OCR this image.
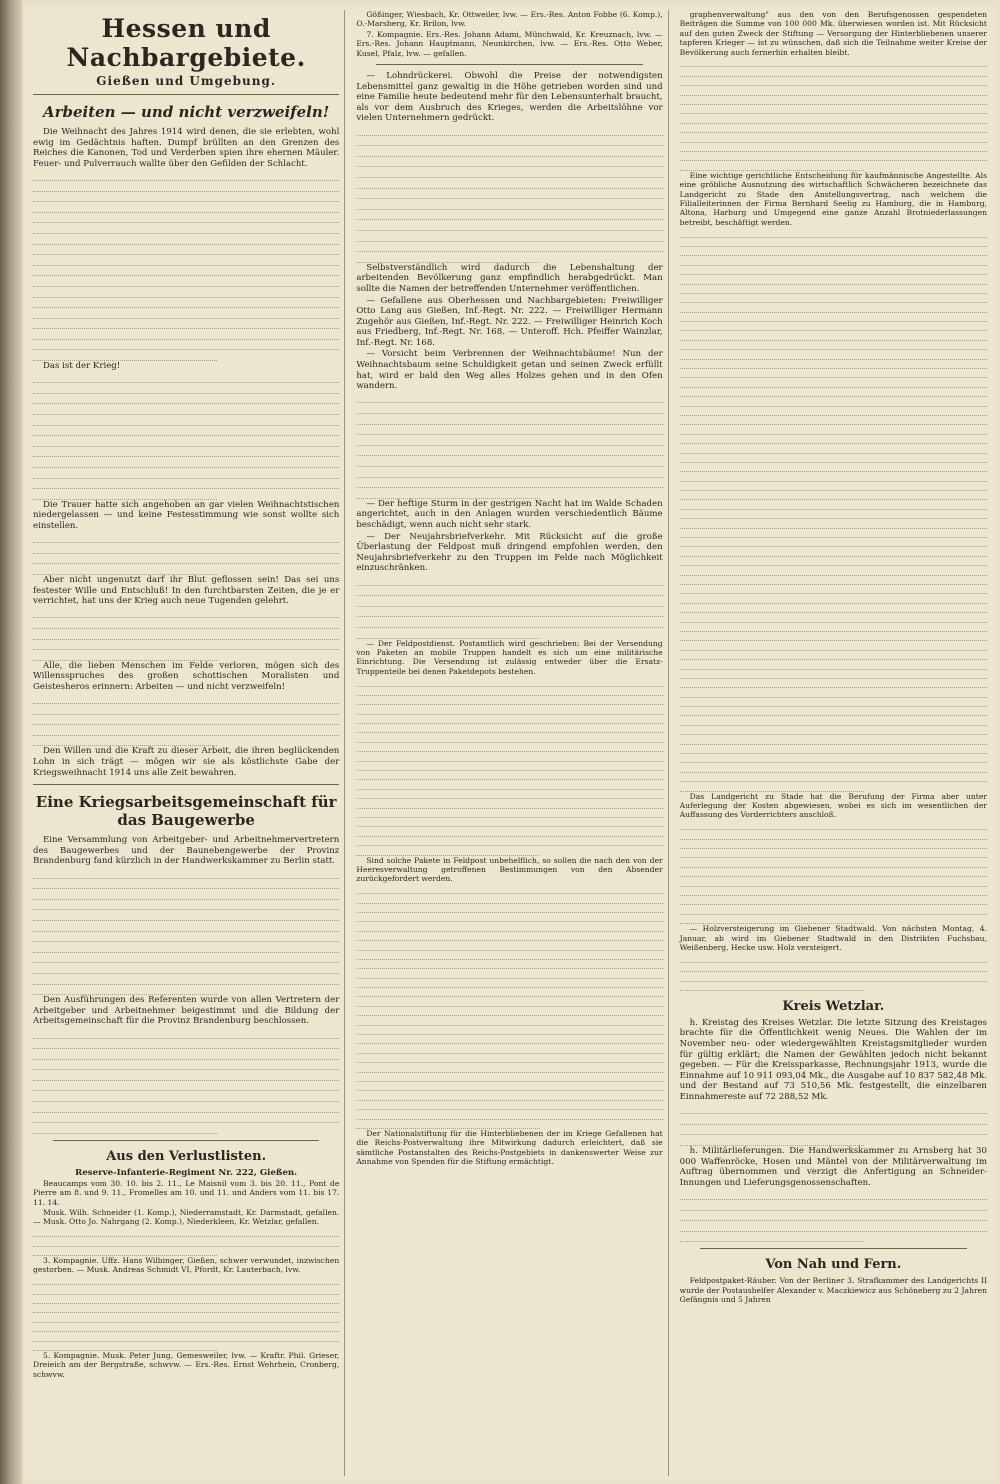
Hessen und Nachbargebiete.
Gießen und Umgebung.
Arbeiten — und nicht verzweifeln!

Die Weihnacht des Jahres 1914 wird denen, die sie erlebten, wohl ewig im Gedächtnis haften. Dumpf brüllten an den Grenzen des Reiches die Kanonen, Tod und Verderben spien ihre ehernen Mäuler. Feuer- und Pulverrauch wallte über den Gefilden der Schlacht.

Das ist der Krieg!

Die Trauer hatte sich angehoben an gar vielen Weihnachtstischen niedergelassen — und keine Festesstimmung wie sonst wollte sich einstellen.

Aber nicht ungenutzt darf ihr Blut geflossen sein! Das sei uns festester Wille und Entschluß! In den furchtbarsten Zeiten, die je er verrichtet, hat uns der Krieg auch neue Tugenden gelehrt.

Alle, die lieben Menschen im Felde verloren, mögen sich des Willensspruches des großen schottischen Moralisten und Geistesheros erinnern: Arbeiten — und nicht verzweifeln!

Den Willen und die Kraft zu dieser Arbeit, die ihren beglückenden Lohn in sich trägt — mögen wir sie als köstlichste Gabe der Kriegsweihnacht 1914 uns alle Zeit bewahren.

Eine Kriegsarbeitsgemeinschaft für das Baugewerbe

Eine Versammlung von Arbeitgeber- und Arbeitnehmervertretern des Baugewerbes und der Baunebengewerbe der Provinz Brandenburg fand kürzlich in der Handwerkskammer zu Berlin statt.

Den Ausführungen des Referenten wurde von allen Vertretern der Arbeitgeber und Arbeitnehmer beigestimmt und die Bildung der Arbeitsgemeinschaft für die Provinz Brandenburg beschlossen.

Aus den Verlustlisten.
Reserve-Infanterie-Regiment Nr. 222, Gießen.

Beaucamps vom 30. 10. bis 2. 11., Le Maisnil vom 3. bis 20. 11., Pont de Pierre am 8. und 9. 11., Fromelles am 10. und 11. und Anders vom 11. bis 17. 11. 14.

Musk. Wilh. Schneider (1. Komp.), Niederramstadt, Kr. Darmstadt, gefallen. — Musk. Otto Jo. Nahrgang (2. Komp.), Niederkleen, Kr. Wetzlar, gefallen.

3. Kompagnie. Uffz. Hans Wilbinger, Gießen, schwer verwundet, inzwischen gestorben. — Musk. Andreas Schmidt VI, Pfordt, Kr. Lauterbach, lvw.

5. Kompagnie. Musk. Peter Jung, Gemesweiler, lvw. — Kraftr. Phil. Grieser, Dreieich am der Bergstraße, schwvw. — Ers.-Res. Ernst Wehrhein, Cronberg, schwvw.

Gößinger, Wiesbach, Kr. Ottweiler, lvw. — Ers.-Res. Anton Fobbe (6. Komp.), O.-Marsberg, Kr. Brilon, lvw.

7. Kompagnie. Ers.-Res. Johann Adami, Münchwald, Kr. Kreuznach, lvw. — Ers.-Res. Johann Hauptmann, Neunkirchen, lvw. — Ers.-Res. Otto Weber, Kusel, Pfalz, lvw. — gefallen.

— Lohndrückerei. Obwohl die Preise der notwendigsten Lebensmittel ganz gewaltig in die Höhe getrieben worden sind und eine Familie heute bedeutend mehr für den Lebensunterhalt braucht, als vor dem Ausbruch des Krieges, werden die Arbeitslöhne vor vielen Unternehmern gedrückt.

Selbstverständlich wird dadurch die Lebenshaltung der arbeitenden Bevölkerung ganz empfindlich herabgedrückt. Man sollte die Namen der betreffenden Unternehmer veröffentlichen.

— Gefallene aus Oberhessen und Nachbargebieten: Freiwilliger Otto Lang aus Gießen, Inf.-Regt. Nr. 222. — Freiwilliger Hermann Zugehör aus Gießen, Inf.-Regt. Nr. 222. — Freiwilliger Heinrich Koch aus Friedberg, Inf.-Regt. Nr. 168. — Unteroff. Hch. Pfeiffer Wainzlar, Inf.-Regt. Nr. 168.

— Vorsicht beim Verbrennen der Weihnachtsbäume! Nun der Weihnachtsbaum seine Schuldigkeit getan und seinen Zweck erfüllt hat, wird er bald den Weg alles Holzes gehen und in den Ofen wandern.

— Der heftige Sturm in der gestrigen Nacht hat im Walde Schaden angerichtet, auch in den Anlagen wurden verschiedentlich Bäume beschädigt, wenn auch nicht sehr stark.

— Der Neujahrsbriefverkehr. Mit Rücksicht auf die große Überlastung der Feldpost muß dringend empfohlen werden, den Neujahrsbriefverkehr zu den Truppen im Felde nach Möglichkeit einzuschränken.

— Der Feldpostdienst. Postamtlich wird geschrieben: Bei der Versendung von Paketen an mobile Truppen handelt es sich um eine militärische Einrichtung. Die Versendung ist zulässig entweder über die Ersatz-Truppenteile bei denen Paketdepots bestehen.

Sind solche Pakete in Feldpost unbehelflich, so sollen die nach den von der Heeresverwaltung getroffenen Bestimmungen von den Absender zurückgefordert werden.

Der Nationalstiftung für die Hinterbliebenen der im Kriege Gefallenen hat die Reichs-Postverwaltung ihre Mitwirkung dadurch erleichtert, daß sie sämtliche Postanstalten des Reichs-Postgebiets in dankenswerter Weise zur Annahme von Spenden für die Stiftung ermächtigt.

graphenverwaltung" aus den von den Berufsgenossen gespendeten Beiträgen die Summe von 100 000 Mk. überwiesen worden ist. Mit Rücksicht auf den guten Zweck der Stiftung — Versorgung der Hinterbliebenen unserer tapferen Krieger — ist zu wünschen, daß sich die Teilnahme weiter Kreise der Bevölkerung auch fernerhin erhalten bleibt.

Eine wichtige gerichtliche Entscheidung für kaufmännische Angestellte. Als eine gröbliche Ausnutzung des wirtschaftlich Schwächeren bezeichnete das Landgericht zu Stade den Anstellungsvertrag, nach welchem die Filialleiterinnen der Firma Bernhard Seelig zu Hamburg, die in Hamburg, Altona, Harburg und Umgegend eine ganze Anzahl Brotniederlassungen betreibt, beschäftigt werden.

Das Landgericht zu Stade hat die Berufung der Firma aber unter Auferlegung der Kosten abgewiesen, wobei es sich im wesentlichen der Auffassung des Vorderrichters anschloß.

— Holzversteigerung im Giebener Stadtwald. Von nächsten Montag, 4. Januar, ab wird im Giebener Stadtwald in den Distrikten Fuchsbau, Weißenberg, Hecke usw. Holz versteigert.

Kreis Wetzlar.

h. Kreistag des Kreises Wetzlar. Die letzte Sitzung des Kreistages brachte für die Öffentlichkeit wenig Neues. Die Wahlen der im November neu- oder wiedergewählten Kreistagsmitglieder wurden für gültig erklärt; die Namen der Gewählten jedoch nicht bekannt gegeben. — Für die Kreissparkasse, Rechnungsjahr 1913, wurde die Einnahme auf 10 911 093,04 Mk., die Ausgabe auf 10 837 582,48 Mk. und der Bestand auf 73 510,56 Mk. festgestellt, die einzelbaren Einnahmereste auf 72 288,52 Mk.

h. Militärlieferungen. Die Handwerkskammer zu Arnsberg hat 30 000 Waffenröcke, Hosen und Mäntel von der Militärverwaltung im Auftrag übernommen und verzigt die Anfertigung an Schneider-Innungen und Lieferungsgenossenschaften.

Von Nah und Fern.

Feldpostpaket-Räuber. Von der Berliner 3. Strafkammer des Landgerichts II wurde der Postaushelfer Alexander v. Maczkiewicz aus Schöneberg zu 2 Jahren Gefängnis und 5 Jahren
